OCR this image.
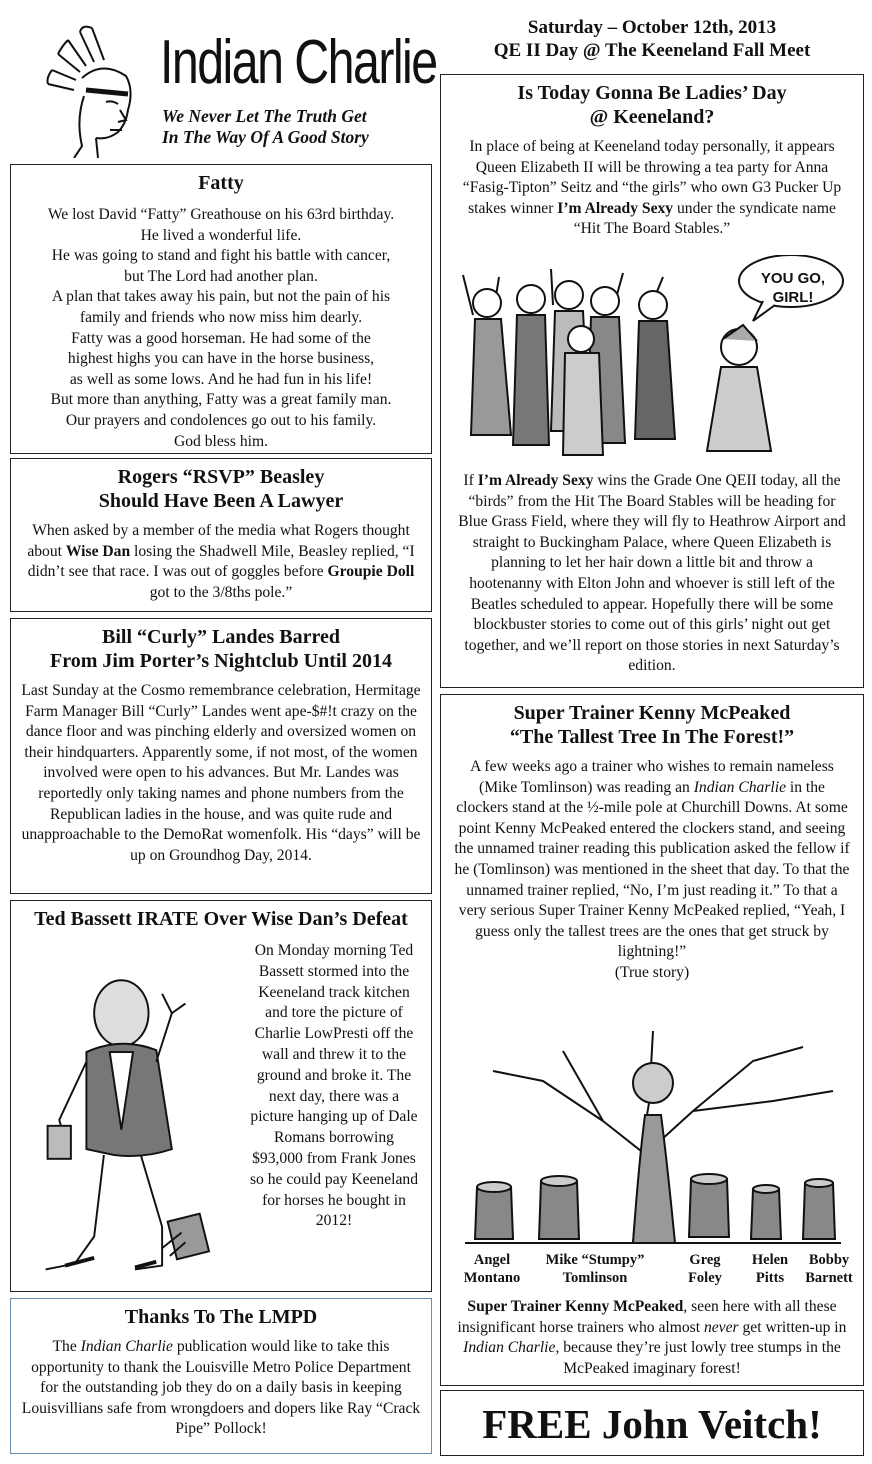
Indian Charlie
We Never Let The Truth Get
In The Way Of A Good Story
Saturday – October 12th, 2013
QE II Day @ The Keeneland Fall Meet
Fatty
We lost David “Fatty” Greathouse on his 63rd birthday.
He lived a wonderful life.
He was going to stand and fight his battle with cancer,
but The Lord had another plan.
A plan that takes away his pain, but not the pain of his
family and friends who now miss him dearly.
Fatty was a good horseman. He had some of the
highest highs you can have in the horse business,
as well as some lows. And he had fun in his life!
But more than anything, Fatty was a great family man.
Our prayers and condolences go out to his family.
God bless him.
Rogers “RSVP” Beasley
Should Have Been A Lawyer

When asked by a member of the media what Rogers thought about Wise Dan losing the Shadwell Mile, Beasley replied, “I didn’t see that race. I was out of goggles before Groupie Doll got to the 3/8ths pole.”

Bill “Curly” Landes Barred
From Jim Porter’s Nightclub Until 2014

Last Sunday at the Cosmo remembrance celebration, Hermitage Farm Manager Bill “Curly” Landes went ape-$#!t crazy on the dance floor and was pinching elderly and oversized women on their hindquarters. Apparently some, if not most, of the women involved were open to his advances. But Mr. Landes was reportedly only taking names and phone numbers from the Republican ladies in the house, and was quite rude and unapproachable to the DemoRat womenfolk. His “days” will be up on Groundhog Day, 2014.

Ted Bassett IRATE Over Wise Dan’s Defeat

On Monday morning Ted Bassett stormed into the Keeneland track kitchen and tore the picture of Charlie LowPresti off the wall and threw it to the ground and broke it. The next day, there was a picture hanging up of Dale Romans borrowing $93,000 from Frank Jones so he could pay Keeneland for horses he bought in 2012!

Thanks To The LMPD

The Indian Charlie publication would like to take this opportunity to thank the Louisville Metro Police Department for the outstanding job they do on a daily basis in keeping Louisvillians safe from wrongdoers and dopers like Ray “Crack Pipe” Pollock!

Is Today Gonna Be Ladies’ Day
@ Keeneland?

In place of being at Keeneland today personally, it appears Queen Elizabeth II will be throwing a tea party for Anna “Fasig-Tipton” Seitz and “the girls” who own G3 Pucker Up stakes winner I’m Already Sexy under the syndicate name “Hit The Board Stables.”

YOU GO,
GIRL!

If I’m Already Sexy wins the Grade One QEII today, all the “birds” from the Hit The Board Stables will be heading for Blue Grass Field, where they will fly to Heathrow Airport and straight to Buckingham Palace, where Queen Elizabeth is planning to let her hair down a little bit and throw a hootenanny with Elton John and whoever is still left of the Beatles scheduled to appear. Hopefully there will be some blockbuster stories to come out of this girls’ night out get together, and we’ll report on those stories in next Saturday’s edition.

Super Trainer Kenny McPeaked
“The Tallest Tree In The Forest!”

A few weeks ago a trainer who wishes to remain nameless (Mike Tomlinson) was reading an Indian Charlie in the clockers stand at the ½-mile pole at Churchill Downs. At some point Kenny McPeaked entered the clockers stand, and seeing the unnamed trainer reading this publication asked the fellow if he (Tomlinson) was mentioned in the sheet that day. To that the unnamed trainer replied, “No, I’m just reading it.” To that a very serious Super Trainer Kenny McPeaked replied, “Yeah, I guess only the tallest trees are the ones that get struck by lightning!”

(True story)
Angel
Montano
Mike “Stumpy”
Tomlinson
Greg
Foley
Helen
Pitts
Bobby
Barnett

Super Trainer Kenny McPeaked, seen here with all these insignificant horse trainers who almost never get written-up in Indian Charlie, because they’re just lowly tree stumps in the McPeaked imaginary forest!

FREE John Veitch!
